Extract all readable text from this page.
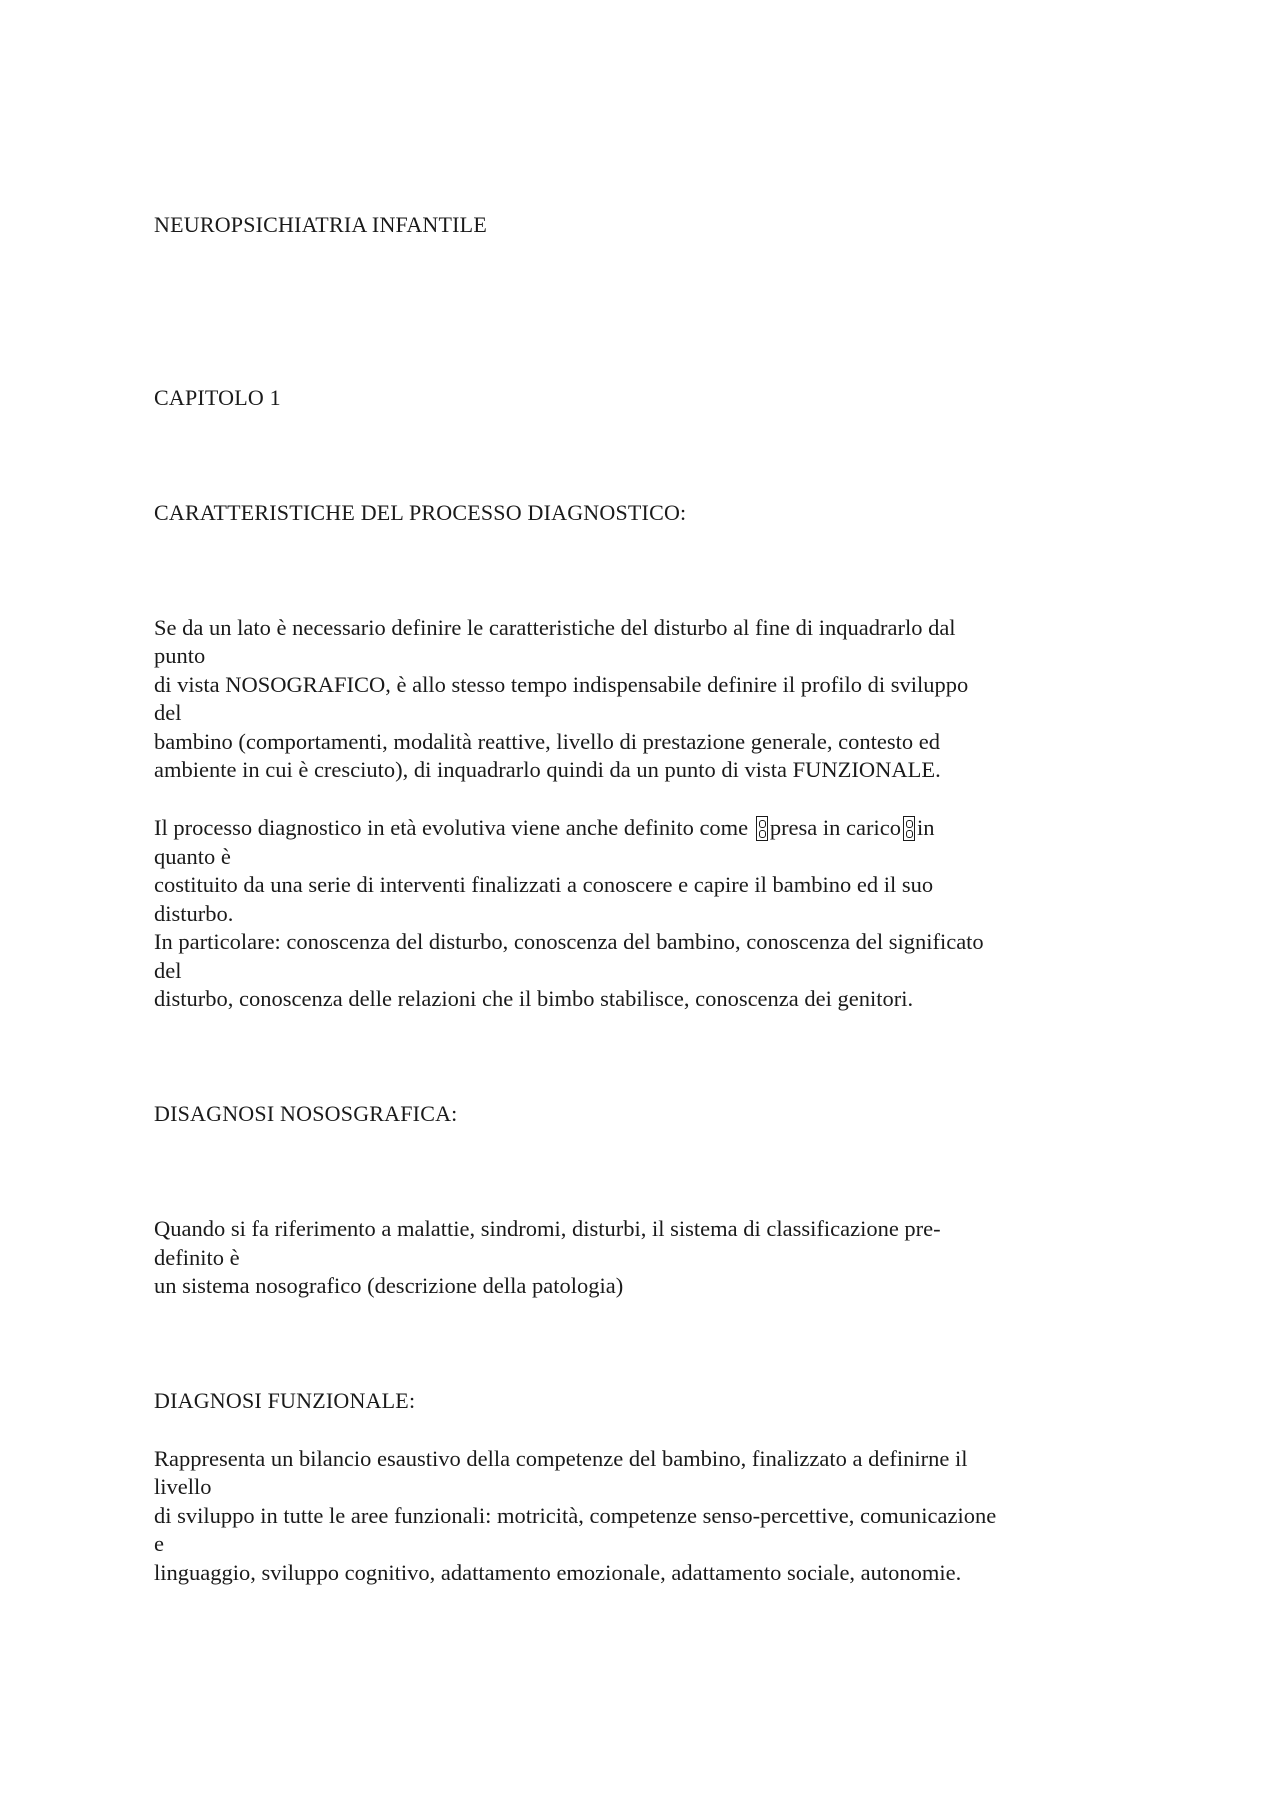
NEUROPSICHIATRIA INFANTILE
CAPITOLO 1
CARATTERISTICHE DEL PROCESSO DIAGNOSTICO:
Se da un lato è necessario definire le caratteristiche del disturbo al fine di inquadrarlo dal
punto
di vista NOSOGRAFICO, è allo stesso tempo indispensabile definire il profilo di sviluppo
del
bambino (comportamenti, modalità reattive, livello di prestazione generale, contesto ed
ambiente in cui è cresciuto), di inquadrarlo quindi da un punto di vista FUNZIONALE.
Il processo diagnostico in età evolutiva viene anche definito come presa in carico in
quanto è
costituito da una serie di interventi finalizzati a conoscere e capire il bambino ed il suo
disturbo.
In particolare: conoscenza del disturbo, conoscenza del bambino, conoscenza del significato
del
disturbo, conoscenza delle relazioni che il bimbo stabilisce, conoscenza dei genitori.
DISAGNOSI NOSOSGRAFICA:
Quando si fa riferimento a malattie, sindromi, disturbi, il sistema di classificazione pre-
definito è
un sistema nosografico (descrizione della patologia)
DIAGNOSI FUNZIONALE:
Rappresenta un bilancio esaustivo della competenze del bambino, finalizzato a definirne il
livello
di sviluppo in tutte le aree funzionali: motricità, competenze senso-percettive, comunicazione
e
linguaggio, sviluppo cognitivo, adattamento emozionale, adattamento sociale, autonomie.
